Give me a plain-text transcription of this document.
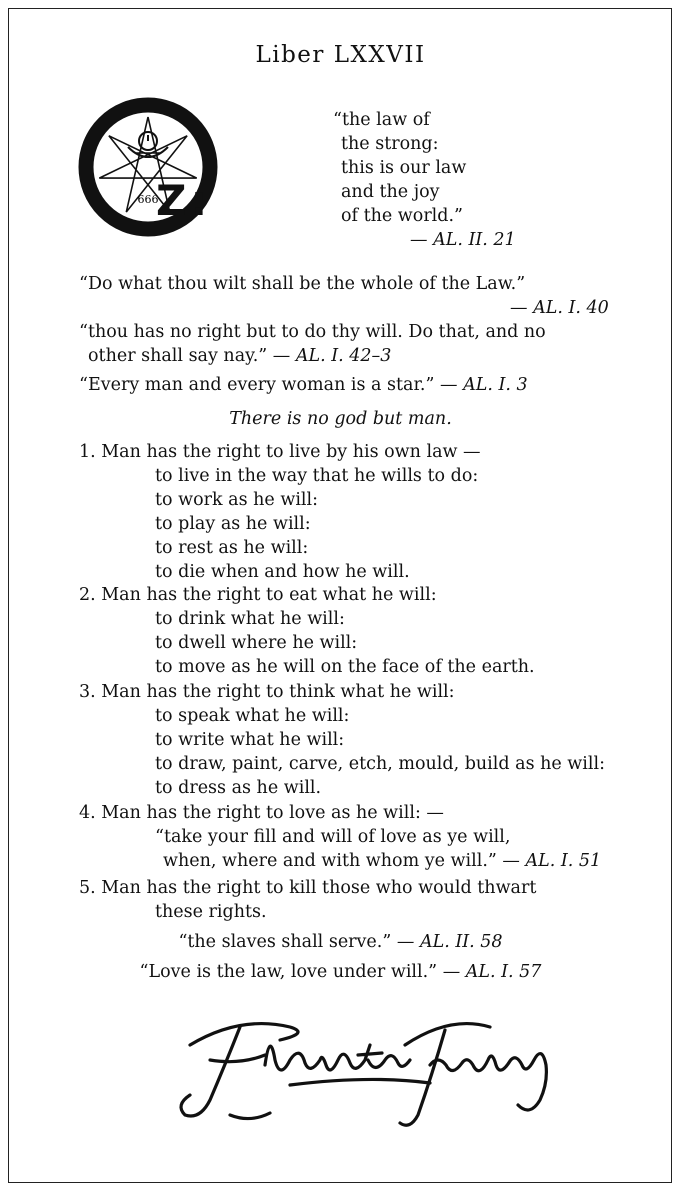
Liber LXXVII
666
Z:
“the law of
the strong:
this is our law
and the joy
of the world.”
— AL. II. 21
“Do what thou wilt shall be the whole of the Law.”
— AL. I. 40
“thou has no right but to do thy will. Do that, and no
other shall say nay.” — AL. I. 42–3
“Every man and every woman is a star.” — AL. I. 3
There is no god but man.
1. Man has the right to live by his own law —
to live in the way that he wills to do:
to work as he will:
to play as he will:
to rest as he will:
to die when and how he will.
2. Man has the right to eat what he will:
to drink what he will:
to dwell where he will:
to move as he will on the face of the earth.
3. Man has the right to think what he will:
to speak what he will:
to write what he will:
to draw, paint, carve, etch, mould, build as he will:
to dress as he will.
4. Man has the right to love as he will: —
“take your fill and will of love as ye will,
when, where and with whom ye will.” — AL. I. 51
5. Man has the right to kill those who would thwart
these rights.
“the slaves shall serve.” — AL. II. 58
“Love is the law, love under will.” — AL. I. 57
